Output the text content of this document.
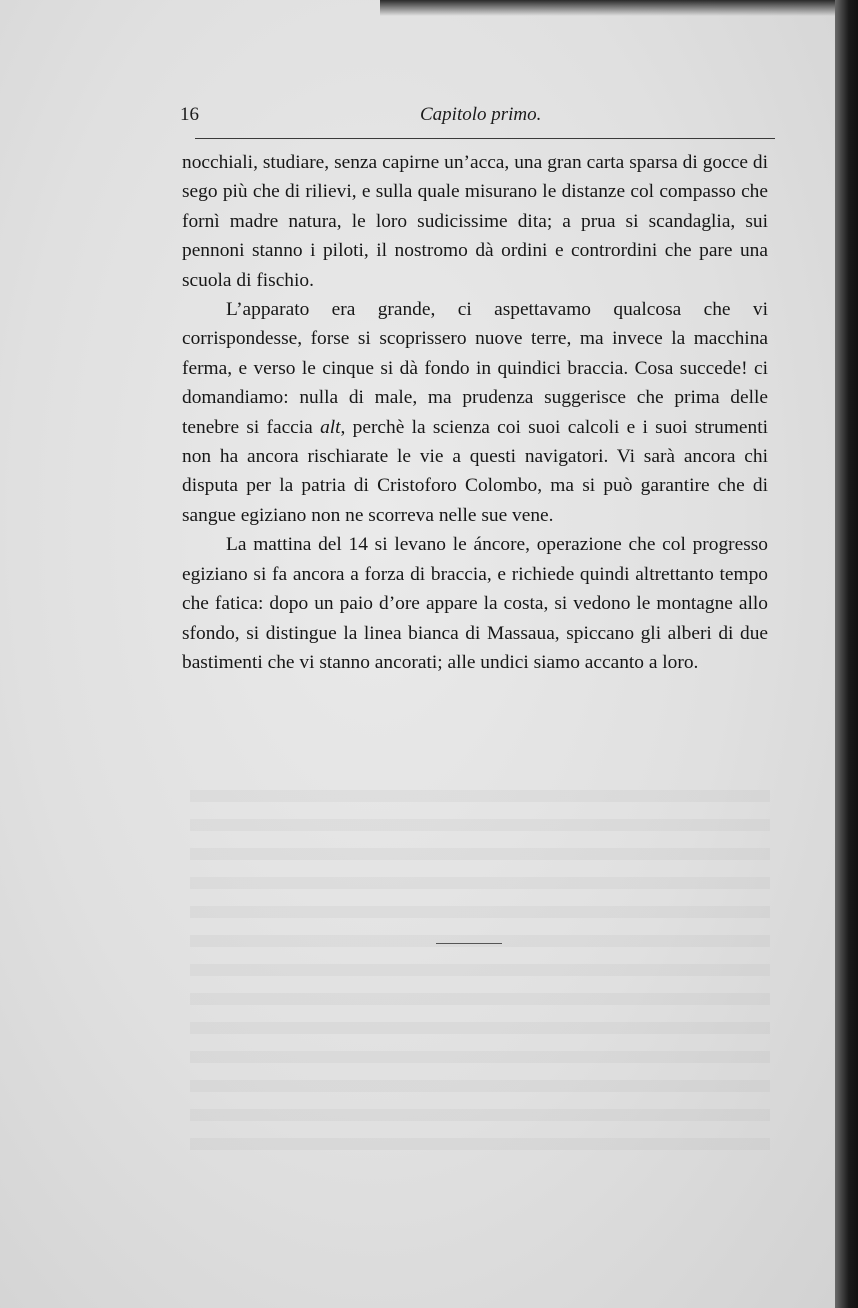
16	Capitolo primo.

nocchiali, studiare, senza capirne un’acca, una gran carta sparsa di gocce di sego più che di rilievi, e sulla quale misurano le distanze col compasso che fornì madre natura, le loro sudicissime dita; a prua si scandaglia, sui pennoni stanno i piloti, il nostromo dà ordini e contrordini che pare una scuola di fischio.

L’apparato era grande, ci aspettavamo qualcosa che vi corrispondesse, forse si scoprissero nuove terre, ma invece la macchina ferma, e verso le cinque si dà fondo in quindici braccia. Cosa succede! ci domandiamo: nulla di male, ma prudenza suggerisce che prima delle tenebre si faccia alt, perchè la scienza coi suoi calcoli e i suoi strumenti non ha ancora rischiarate le vie a questi navigatori. Vi sarà ancora chi disputa per la patria di Cristoforo Colombo, ma si può garantire che di sangue egiziano non ne scorreva nelle sue vene.

La mattina del 14 si levano le áncore, operazione che col progresso egiziano si fa ancora a forza di braccia, e richiede quindi altrettanto tempo che fatica: dopo un paio d’ore appare la costa, si vedono le montagne allo sfondo, si distingue la linea bianca di Massaua, spiccano gli alberi di due bastimenti che vi stanno ancorati; alle undici siamo accanto a loro.
